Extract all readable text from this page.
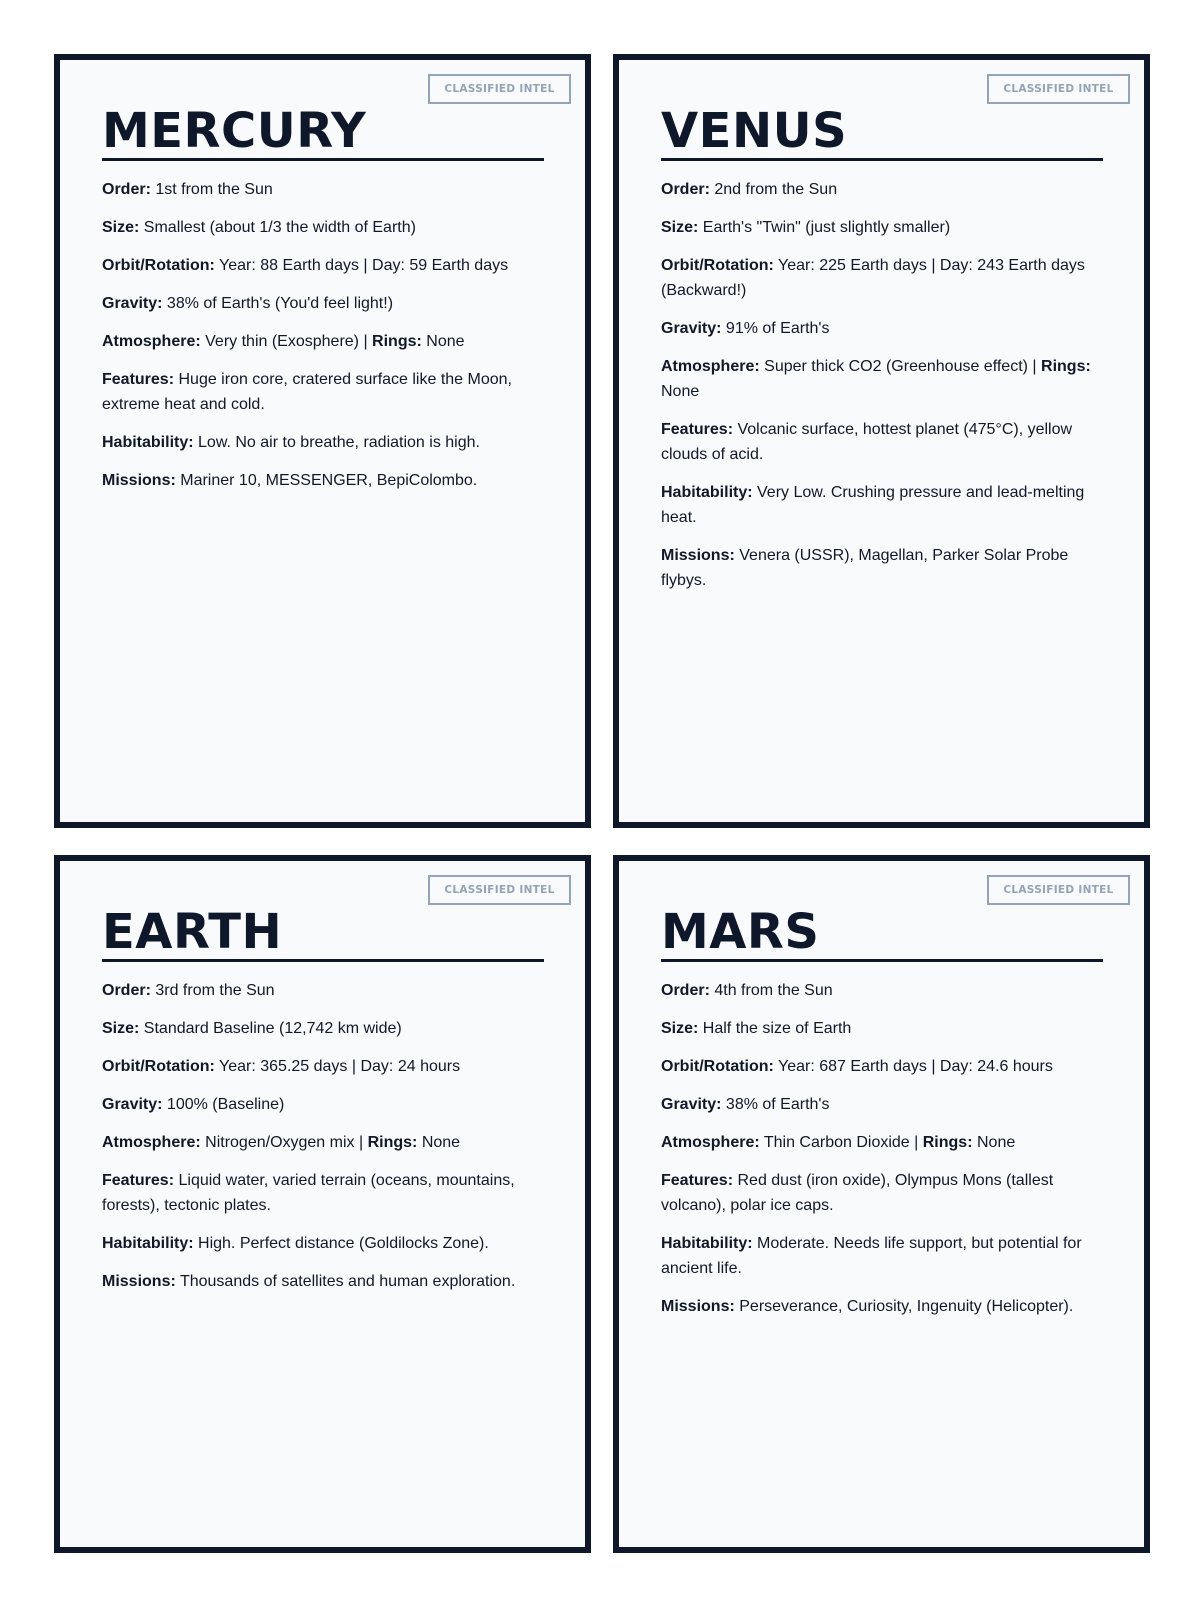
CLASSIFIED INTEL
MERCURY

Order: 1st from the Sun

Size: Smallest (about 1/3 the width of Earth)

Orbit/Rotation: Year: 88 Earth days | Day: 59 Earth days

Gravity: 38% of Earth's (You'd feel light!)

Atmosphere: Very thin (Exosphere) | Rings: None

Features: Huge iron core, cratered surface like the Moon, extreme heat and cold.

Habitability: Low. No air to breathe, radiation is high.

Missions: Mariner 10, MESSENGER, BepiColombo.

CLASSIFIED INTEL
VENUS

Order: 2nd from the Sun

Size: Earth's "Twin" (just slightly smaller)

Orbit/Rotation: Year: 225 Earth days | Day: 243 Earth days (Backward!)

Gravity: 91% of Earth's

Atmosphere: Super thick CO2 (Greenhouse effect) | Rings: None

Features: Volcanic surface, hottest planet (475°C), yellow clouds of acid.

Habitability: Very Low. Crushing pressure and lead-melting heat.

Missions: Venera (USSR), Magellan, Parker Solar Probe flybys.

CLASSIFIED INTEL
EARTH

Order: 3rd from the Sun

Size: Standard Baseline (12,742 km wide)

Orbit/Rotation: Year: 365.25 days | Day: 24 hours

Gravity: 100% (Baseline)

Atmosphere: Nitrogen/Oxygen mix | Rings: None

Features: Liquid water, varied terrain (oceans, mountains, forests), tectonic plates.

Habitability: High. Perfect distance (Goldilocks Zone).

Missions: Thousands of satellites and human exploration.

CLASSIFIED INTEL
MARS

Order: 4th from the Sun

Size: Half the size of Earth

Orbit/Rotation: Year: 687 Earth days | Day: 24.6 hours

Gravity: 38% of Earth's

Atmosphere: Thin Carbon Dioxide | Rings: None

Features: Red dust (iron oxide), Olympus Mons (tallest volcano), polar ice caps.

Habitability: Moderate. Needs life support, but potential for ancient life.

Missions: Perseverance, Curiosity, Ingenuity (Helicopter).
